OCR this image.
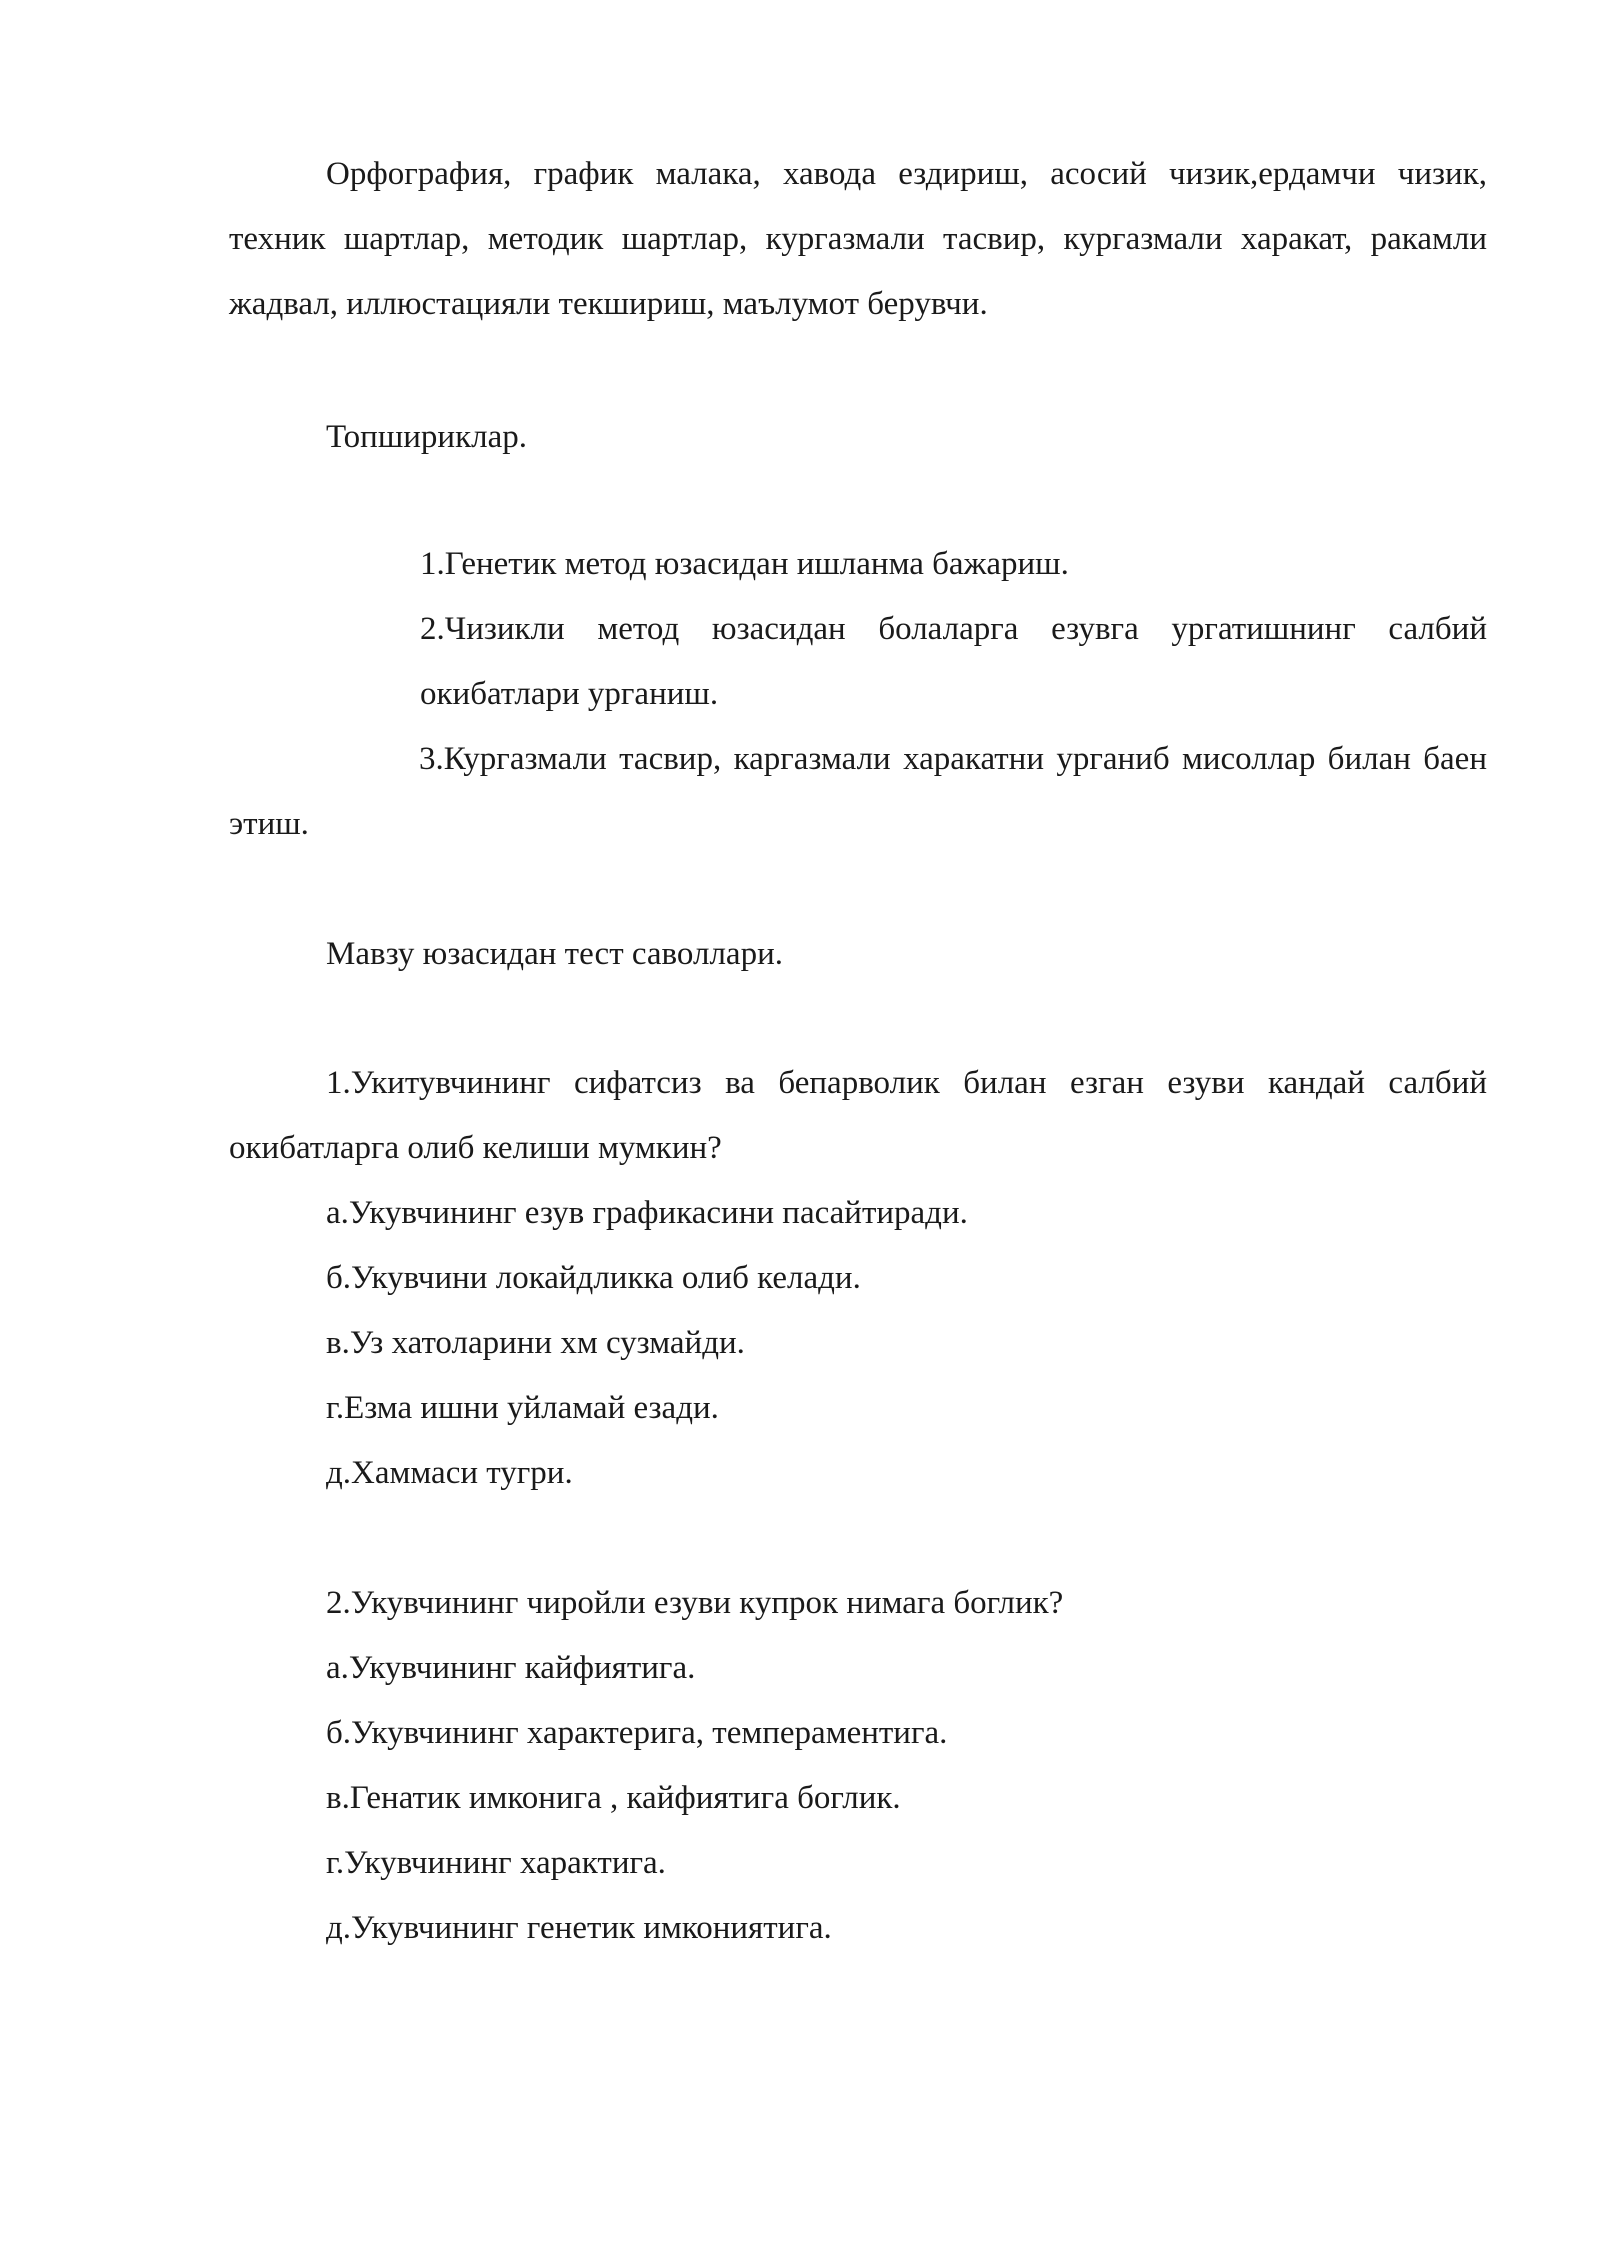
Орфография, график малака, хавода ездириш, асосий чизик,ердамчи чизик, техник шартлар, методик шартлар, кургазмали тасвир, кургазмали харакат, ракамли жадвал, иллюстацияли текшириш, маълумот берувчи.

Топшириклар.

1.Генетик метод юзасидан ишланма бажариш.

2.Чизикли метод юзасидан болаларга езувга ургатишнинг салбий окибатлари урганиш.

3.Кургазмали тасвир, каргазмали харакатни урганиб мисоллар билан баен этиш.

Мавзу юзасидан тест саволлари.

1.Укитувчининг сифатсиз ва бепарволик билан езган езуви кандай салбий окибатларга олиб келиши мумкин?

а.Укувчининг езув графикасини пасайтиради.

б.Укувчини локайдликка олиб келади.

в.Уз хатоларини хм сузмайди.

г.Езма ишни уйламай езади.

д.Хаммаси тугри.

2.Укувчининг чиройли езуви купрок нимага боглик?

а.Укувчининг кайфиятига.

б.Укувчининг характерига, темпераментига.

в.Генатик имконига , кайфиятига боглик.

г.Укувчининг характига.

д.Укувчининг генетик имкониятига.
